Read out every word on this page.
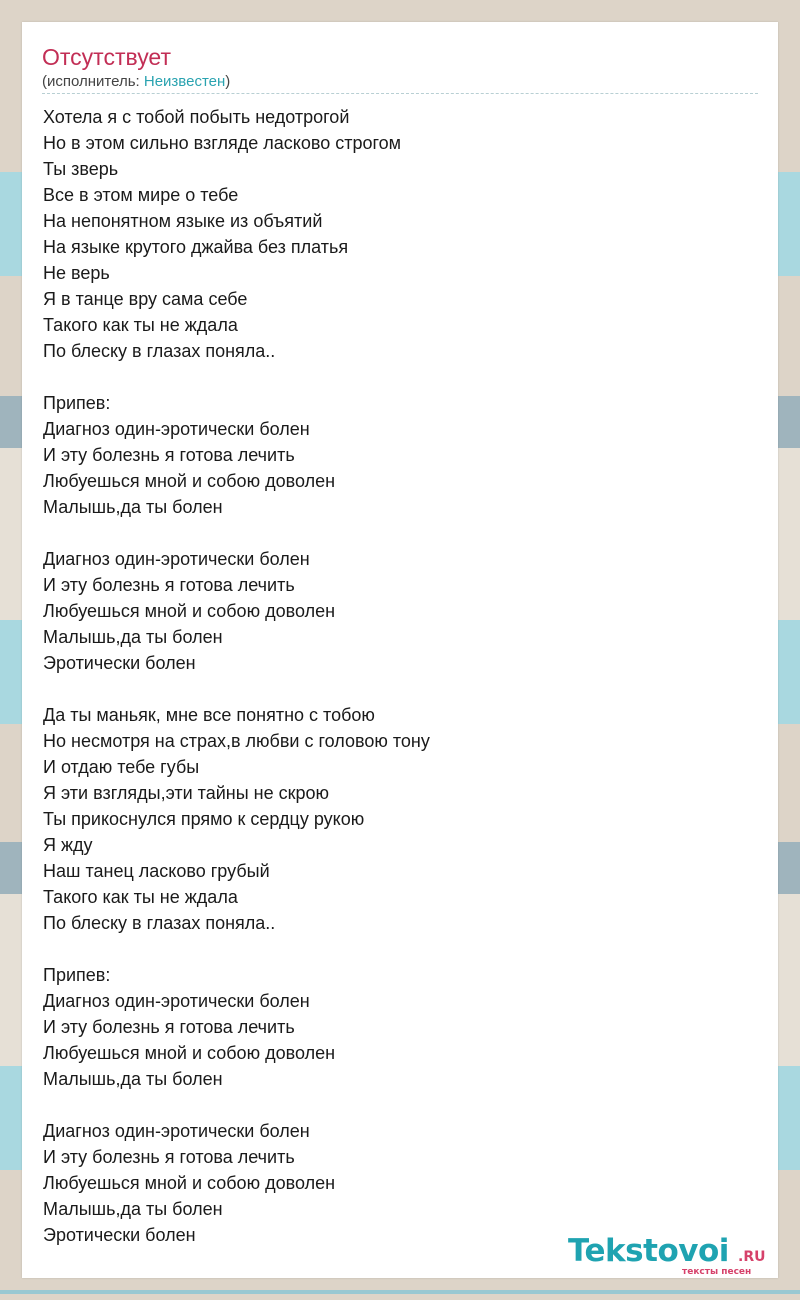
Отсутствует
(исполнитель: Неизвестен)
Хотела я с тобой побыть недотрогой
Но в этом сильно взгляде ласково строгом
Ты зверь
Все в этом мире о тебе
На непонятном языке из объятий
На языке крутого джайва без платья
Не верь
Я в танце вру сама себе
Такого как ты не ждала
По блеску в глазах поняла..
Припев:
Диагноз один-эротически болен
И эту болезнь я готова лечить
Любуешься мной и собою доволен
Малышь,да ты болен
Диагноз один-эротически болен
И эту болезнь я готова лечить
Любуешься мной и собою доволен
Малышь,да ты болен
Эротически болен
Да ты маньяк, мне все понятно с тобою
Но несмотря на страх,в любви с головою тону
И отдаю тебе губы
Я эти взгляды,эти тайны не скрою
Ты прикоснулся прямо к сердцу рукою
Я жду
Наш танец ласково грубый
Такого как ты не ждала
По блеску в глазах поняла..
Припев:
Диагноз один-эротически болен
И эту болезнь я готова лечить
Любуешься мной и собою доволен
Малышь,да ты болен
Диагноз один-эротически болен
И эту болезнь я готова лечить
Любуешься мной и собою доволен
Малышь,да ты болен
Эротически болен	Tekstovoi .RU
тексты песен
